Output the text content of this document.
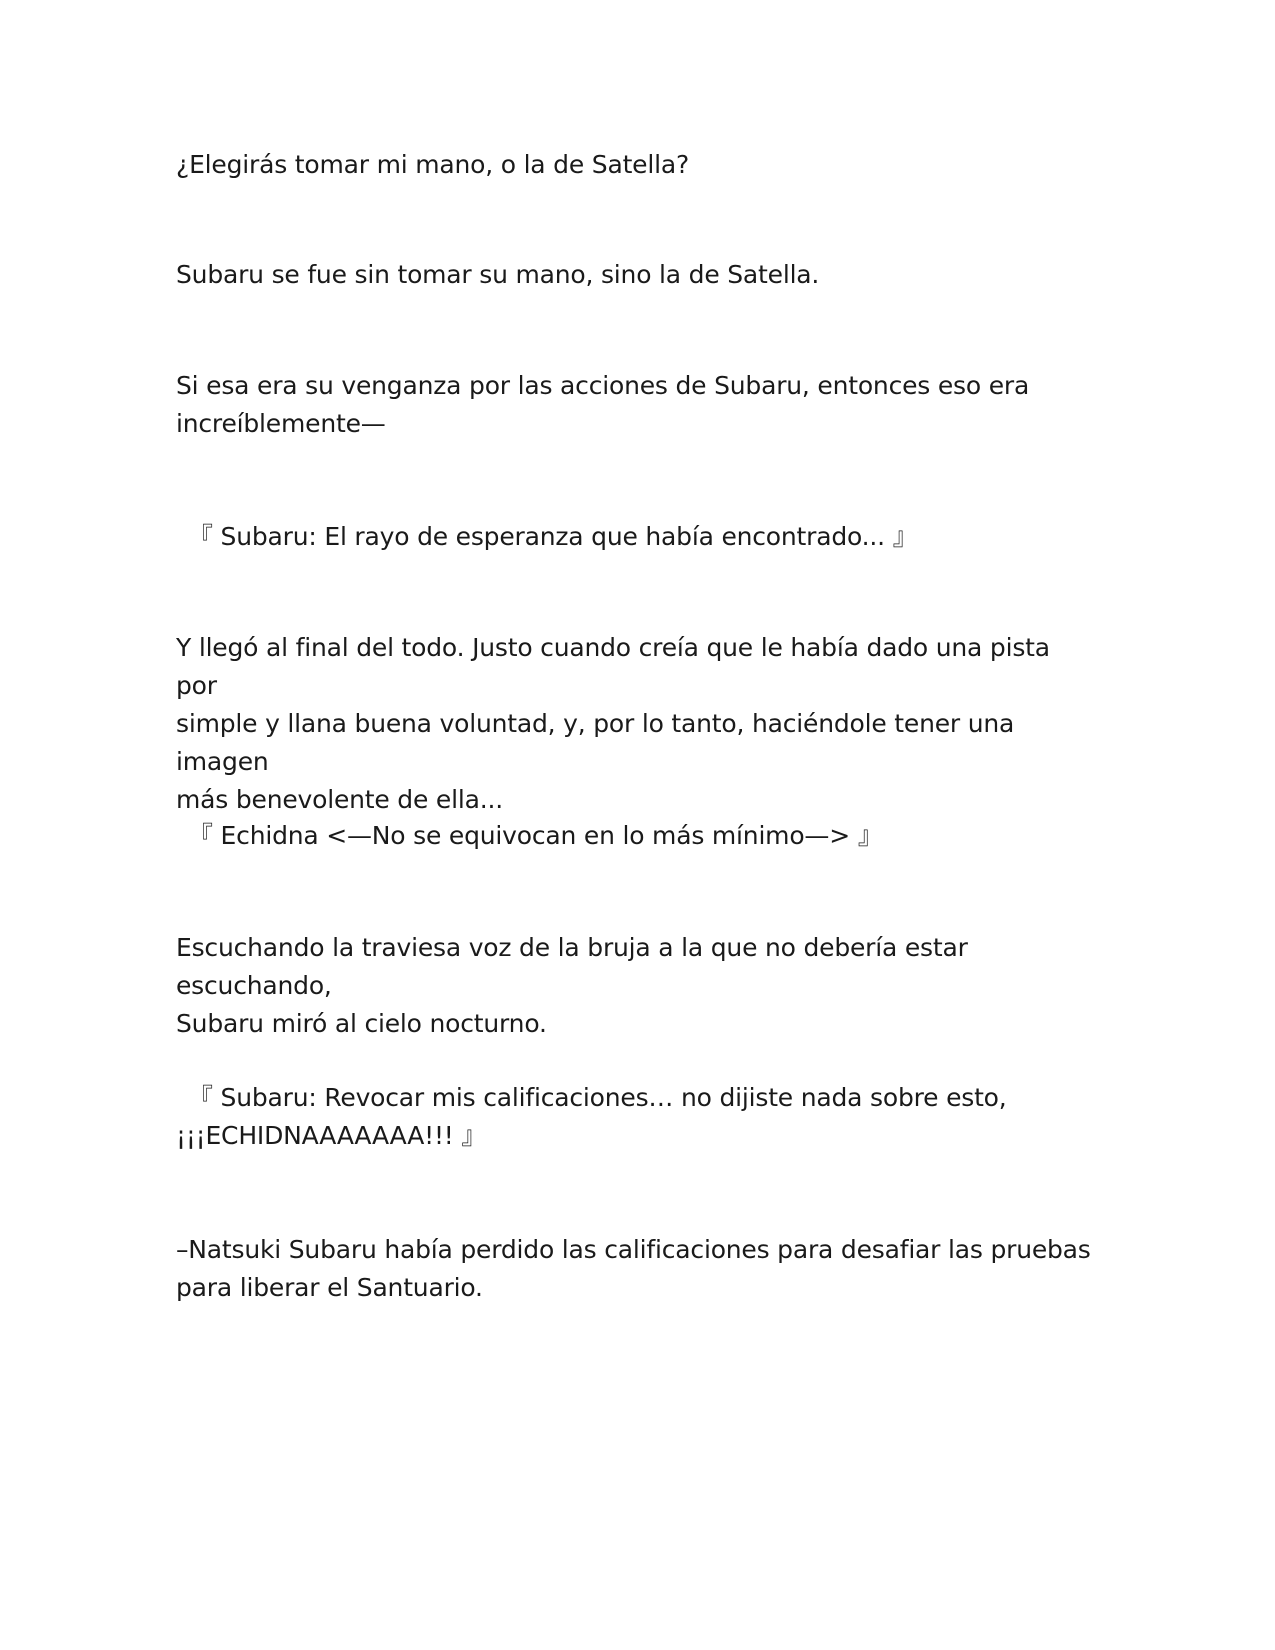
¿Elegirás tomar mi mano, o la de Satella?

Subaru se fue sin tomar su mano, sino la de Satella.

Si esa era su venganza por las acciones de Subaru, entonces eso era
increíblemente—

『 Subaru: El rayo de esperanza que había encontrado... 』

Y llegó al final del todo. Justo cuando creía que le había dado una pista por
simple y llana buena voluntad, y, por lo tanto, haciéndole tener una imagen
más benevolente de ella...

『 Echidna <—No se equivocan en lo más mínimo—> 』

Escuchando la traviesa voz de la bruja a la que no debería estar escuchando,
Subaru miró al cielo nocturno.

『 Subaru: Revocar mis calificaciones… no dijiste nada sobre esto,
¡¡¡ECHIDNAAAAAAA!!! 』

–Natsuki Subaru había perdido las calificaciones para desafiar las pruebas
para liberar el Santuario.
